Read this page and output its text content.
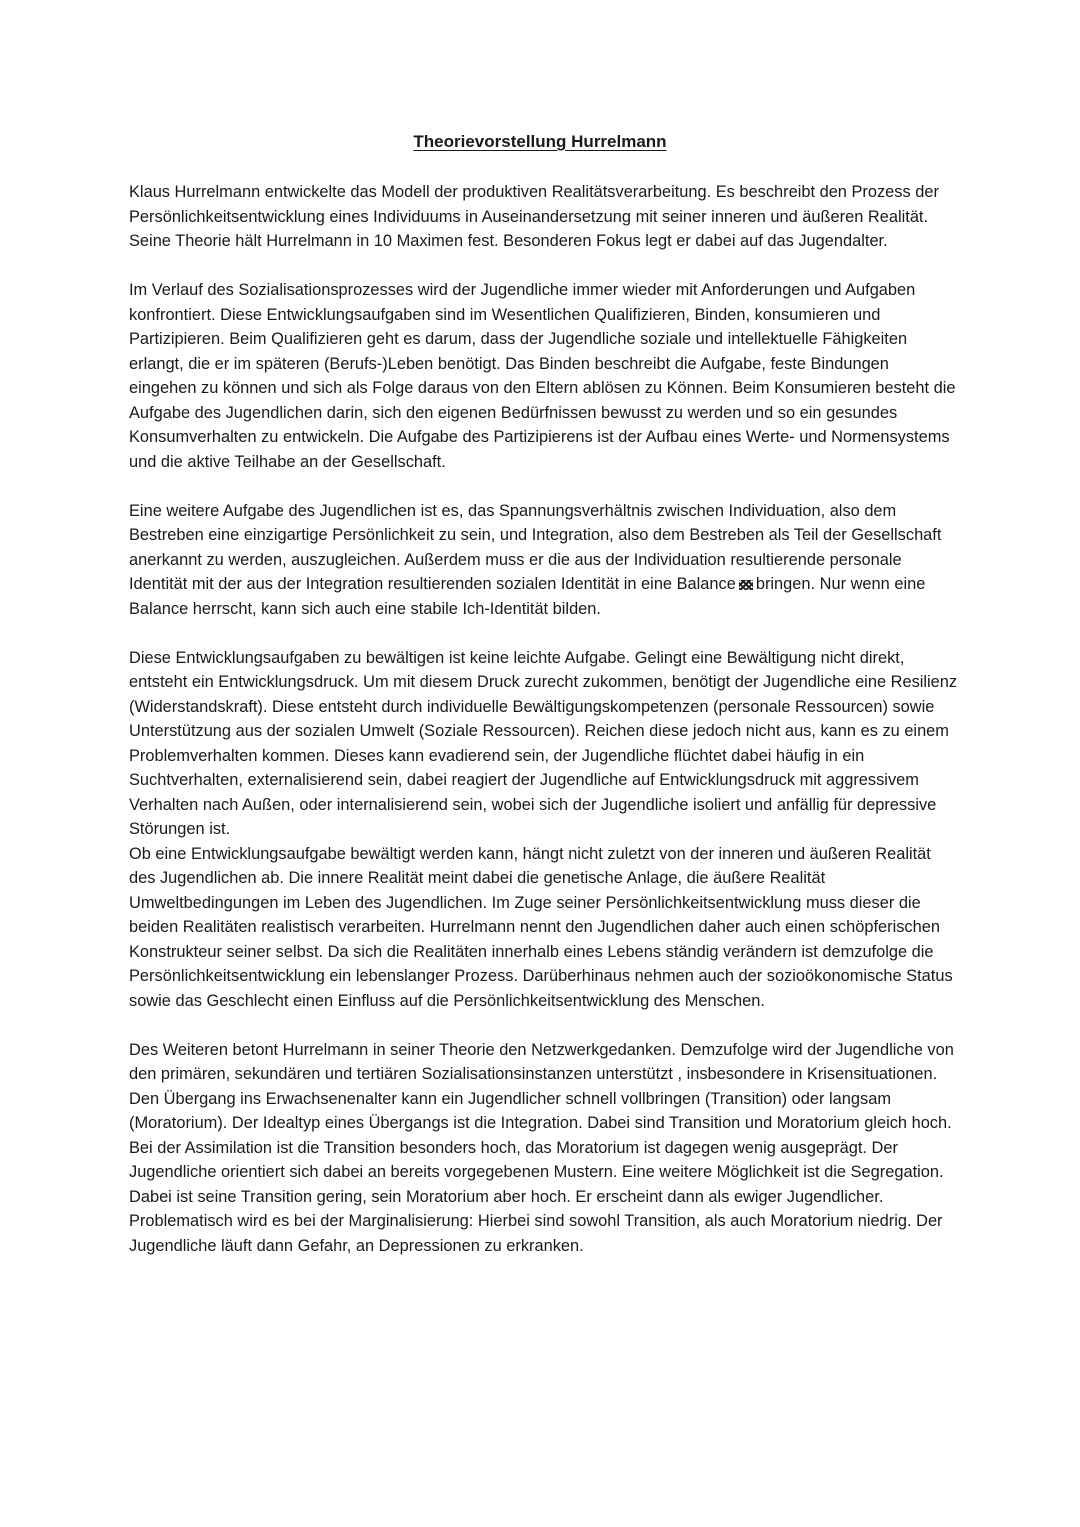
Theorievorstellung Hurrelmann

Klaus Hurrelmann entwickelte das Modell der produktiven Realitätsverarbeitung. Es beschreibt den Prozess der Persönlichkeitsentwicklung eines Individuums in Auseinandersetzung mit seiner inneren und äußeren Realität. Seine Theorie hält Hurrelmann in 10 Maximen fest. Besonderen Fokus legt er dabei auf das Jugendalter.

Im Verlauf des Sozialisationsprozesses wird der Jugendliche immer wieder mit Anforderungen und Aufgaben konfrontiert. Diese Entwicklungsaufgaben sind im Wesentlichen Qualifizieren, Binden, konsumieren und Partizipieren. Beim Qualifizieren geht es darum, dass der Jugendliche soziale und intellektuelle Fähigkeiten erlangt, die er im späteren (Berufs-)Leben benötigt. Das Binden beschreibt die Aufgabe, feste Bindungen eingehen zu können und sich als Folge daraus von den Eltern ablösen zu Können. Beim Konsumieren besteht die Aufgabe des Jugendlichen darin, sich den eigenen Bedürfnissen bewusst zu werden und so ein gesundes Konsumverhalten zu entwickeln. Die Aufgabe des Partizipierens ist der Aufbau eines Werte- und Normensystems und die aktive Teilhabe an der Gesellschaft.

Eine weitere Aufgabe des Jugendlichen ist es, das Spannungsverhältnis zwischen Individuation, also dem Bestreben eine einzigartige Persönlichkeit zu sein, und Integration, also dem Bestreben als Teil der Gesellschaft anerkannt zu werden, auszugleichen. Außerdem muss er die aus der Individuation resultierende personale Identität mit der aus der Integration resultierenden sozialen Identität in eine Balance bringen. Nur wenn eine Balance herrscht, kann sich auch eine stabile Ich-Identität bilden.

Diese Entwicklungsaufgaben zu bewältigen ist keine leichte Aufgabe. Gelingt eine Bewältigung nicht direkt, entsteht ein Entwicklungsdruck. Um mit diesem Druck zurecht zukommen, benötigt der Jugendliche eine Resilienz (Widerstandskraft). Diese entsteht durch individuelle Bewältigungskompetenzen (personale Ressourcen) sowie Unterstützung aus der sozialen Umwelt (Soziale Ressourcen). Reichen diese jedoch nicht aus, kann es zu einem Problemverhalten kommen. Dieses kann evadierend sein, der Jugendliche flüchtet dabei häufig in ein Suchtverhalten, externalisierend sein, dabei reagiert der Jugendliche auf Entwicklungsdruck mit aggressivem Verhalten nach Außen, oder internalisierend sein, wobei sich der Jugendliche isoliert und anfällig für depressive Störungen ist.

Ob eine Entwicklungsaufgabe bewältigt werden kann, hängt nicht zuletzt von der inneren und äußeren Realität des Jugendlichen ab. Die innere Realität meint dabei die genetische Anlage, die äußere Realität Umweltbedingungen im Leben des Jugendlichen. Im Zuge seiner Persönlichkeitsentwicklung muss dieser die beiden Realitäten realistisch verarbeiten. Hurrelmann nennt den Jugendlichen daher auch einen schöpferischen Konstrukteur seiner selbst. Da sich die Realitäten innerhalb eines Lebens ständig verändern ist demzufolge die Persönlichkeitsentwicklung ein lebenslanger Prozess. Darüberhinaus nehmen auch der sozioökonomische Status sowie das Geschlecht einen Einfluss auf die Persönlichkeitsentwicklung des Menschen.

Des Weiteren betont Hurrelmann in seiner Theorie den Netzwerkgedanken. Demzufolge wird der Jugendliche von den primären, sekundären und tertiären Sozialisationsinstanzen unterstützt , insbesondere in Krisensituationen.

Den Übergang ins Erwachsenenalter kann ein Jugendlicher schnell vollbringen (Transition) oder langsam (Moratorium). Der Idealtyp eines Übergangs ist die Integration. Dabei sind Transition und Moratorium gleich hoch. Bei der Assimilation ist die Transition besonders hoch, das Moratorium ist dagegen wenig ausgeprägt. Der Jugendliche orientiert sich dabei an bereits vorgegebenen Mustern. Eine weitere Möglichkeit ist die Segregation. Dabei ist seine Transition gering, sein Moratorium aber hoch. Er erscheint dann als ewiger Jugendlicher. Problematisch wird es bei der Marginalisierung: Hierbei sind sowohl Transition, als auch Moratorium niedrig. Der Jugendliche läuft dann Gefahr, an Depressionen zu erkranken.
